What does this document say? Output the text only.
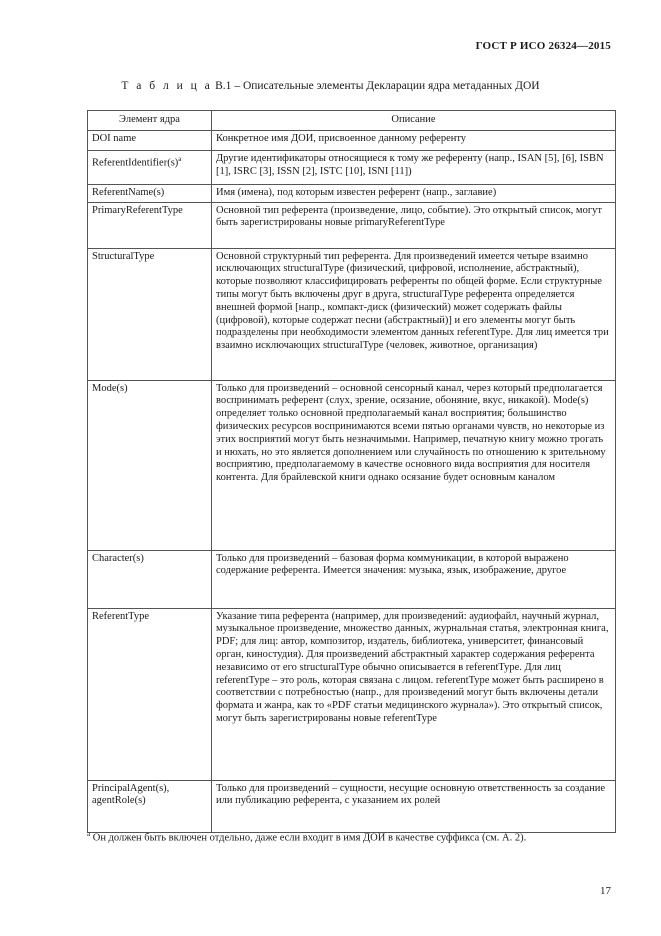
ГОСТ Р ИСО 26324—2015
Т а б л и ц а В.1 – Описательные элементы Декларации ядра метаданных ДОИ
Элемент ядра	Описание
DOI name	Конкретное имя ДОИ, присвоенное данному референту
$ReferentIdentifier(s)^a$	Другие идентификаторы относящиеся к тому же референту (напр., ISAN [5], [6], ISBN [1], ISRC [3], ISSN [2], ISTC [10], ISNI [11])
ReferentName(s)	Имя (имена), под которым известен референт (напр., заглавие)
PrimaryReferentType	Основной тип референта (произведение, лицо, событие). Это открытый список, могут быть зарегистрированы новые primaryReferentType
StructuralType	Основной структурный тип референта. Для произведений имеется четыре взаимно исключающих structuralType (физический, цифровой, исполнение, абстрактный), которые позволяют классифицировать референты по общей форме. Если структурные типы могут быть включены друг в друга, structuralType референта определяется внешней формой [напр., компакт-диск (физический) может содержать файлы (цифровой), которые содержат песни (абстрактный)] и его элементы могут быть подразделены при необходимости элементом данных referentType. Для лиц имеется три взаимно исключающих structuralType (человек, животное, организация)
Mode(s)	Только для произведений – основной сенсорный канал, через который предполагается воспринимать референт (слух, зрение, осязание, обоняние, вкус, никакой). Mode(s) определяет только основной предполагаемый канал восприятия; большинство физических ресурсов воспринимаются всеми пятью органами чувств, но некоторые из этих восприятий могут быть незначимыми. Например, печатную книгу можно трогать и нюхать, но это является дополнением или случайность по отношению к зрительному восприятию, предполагаемому в качестве основного вида восприятия для носителя контента. Для брайлевской книги однако осязание будет основным каналом
Character(s)	Только для произведений – базовая форма коммуникации, в которой выражено содержание референта. Имеется значения: музыка, язык, изображение, другое
ReferentType	Указание типа референта (например, для произведений: аудиофайл, научный журнал, музыкальное произведение, множество данных, журнальная статья, электронная книга, PDF; для лиц: автор, композитор, издатель, библиотека, университет, финансовый орган, киностудия). Для произведений абстрактный характер содержания референта независимо от его structuralType обычно описывается в referentType. Для лиц referentType – это роль, которая связана с лицом. referentType может быть расширено в соответствии с потребностью (напр., для произведений могут быть включены детали формата и жанра, как то «PDF статьи медицинского журнала»). Это открытый список, могут быть зарегистрированы новые referentType
PrincipalAgent(s), agentRole(s)	Только для произведений – сущности, несущие основную ответственность за создание или публикацию референта, с указанием их ролей
$^a$ Он должен быть включен отдельно, даже если входит в имя ДОИ в качестве суффикса (см. А. 2).
17
